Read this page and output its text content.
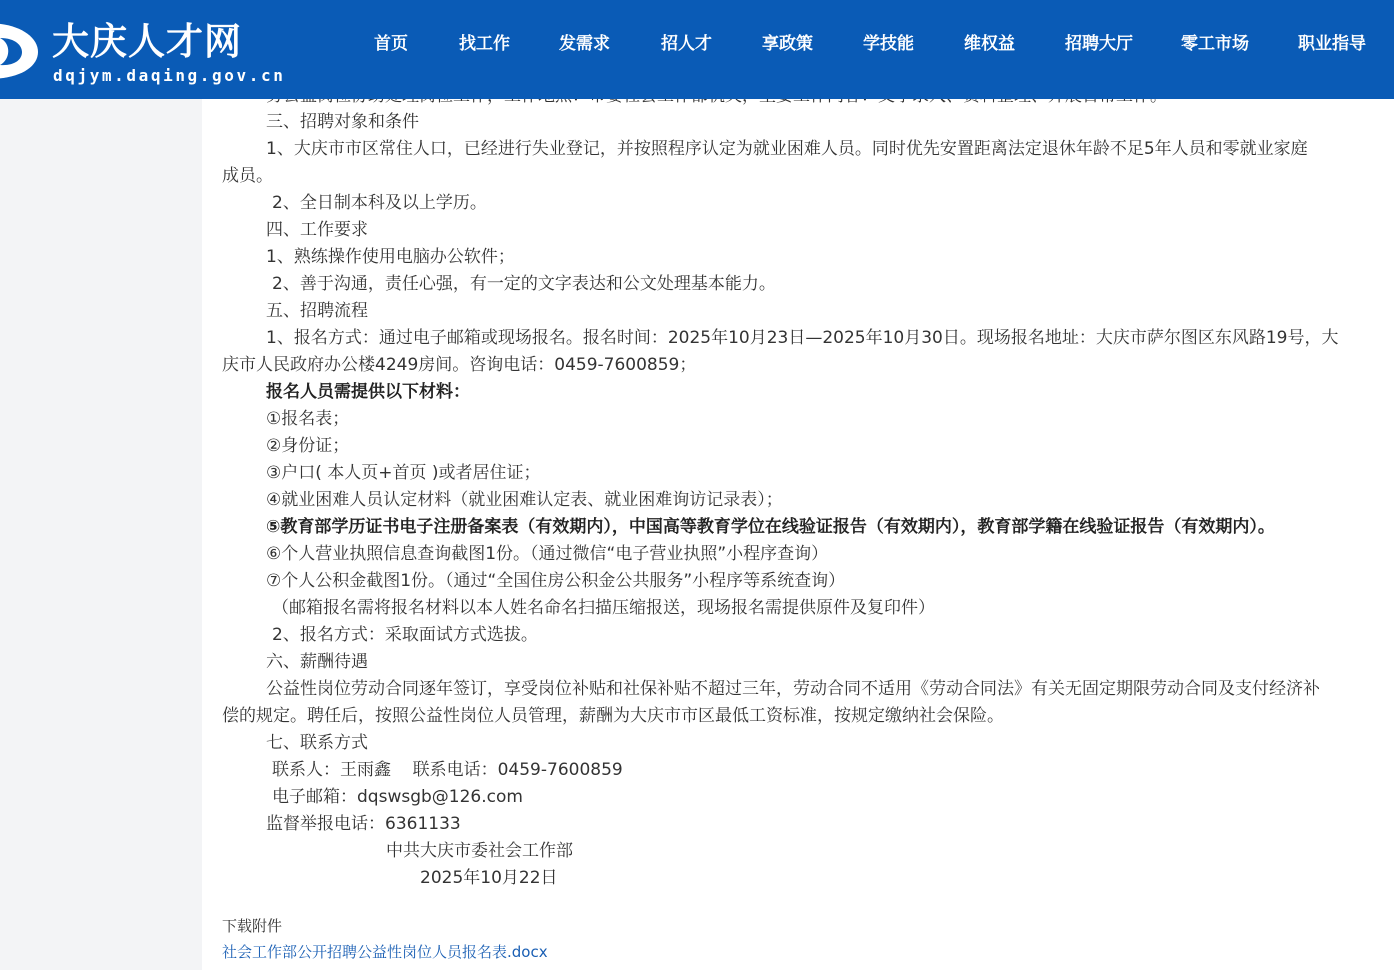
大庆人才网
dqjym.daqing.gov.cn
首页	找工作	发需求	招人才	享政策	学技能	维权益	招聘大厅	零工市场	职业指导
三、招聘对象和条件
1、大庆市市区常住人口，已经进行失业登记，并按照程序认定为就业困难人员。同时优先安置距离法定退休年龄不足5年人员和零就业家庭
成员。
2、全日制本科及以上学历。
四、工作要求
1、熟练操作使用电脑办公软件；
2、善于沟通，责任心强，有一定的文字表达和公文处理基本能力。
五、招聘流程
1、报名方式：通过电子邮箱或现场报名。报名时间：2025年10月23日—2025年10月30日。现场报名地址：大庆市萨尔图区东风路19号，大
庆市人民政府办公楼4249房间。咨询电话：0459-7600859；
报名人员需提供以下材料：
①报名表；
②身份证；
③户口( 本人页+首页 )或者居住证；
④就业困难人员认定材料（就业困难认定表、就业困难询访记录表）；
⑤教育部学历证书电子注册备案表（有效期内），中国高等教育学位在线验证报告（有效期内），教育部学籍在线验证报告（有效期内）。
⑥个人营业执照信息查询截图1份。（通过微信“电子营业执照”小程序查询）
⑦个人公积金截图1份。（通过“全国住房公积金公共服务”小程序等系统查询）
（邮箱报名需将报名材料以本人姓名命名扫描压缩报送，现场报名需提供原件及复印件）
2、报名方式：采取面试方式选拔。
六、薪酬待遇
公益性岗位劳动合同逐年签订，享受岗位补贴和社保补贴不超过三年，劳动合同不适用《劳动合同法》有关无固定期限劳动合同及支付经济补
偿的规定。聘任后，按照公益性岗位人员管理，薪酬为大庆市市区最低工资标准，按规定缴纳社会保险。
七、联系方式
联系人：王雨鑫    联系电话：0459-7600859
电子邮箱：dqswsgb@126.com
监督举报电话：6361133
中共大庆市委社会工作部
2025年10月22日
下载附件
社会工作部公开招聘公益性岗位人员报名表.docx
